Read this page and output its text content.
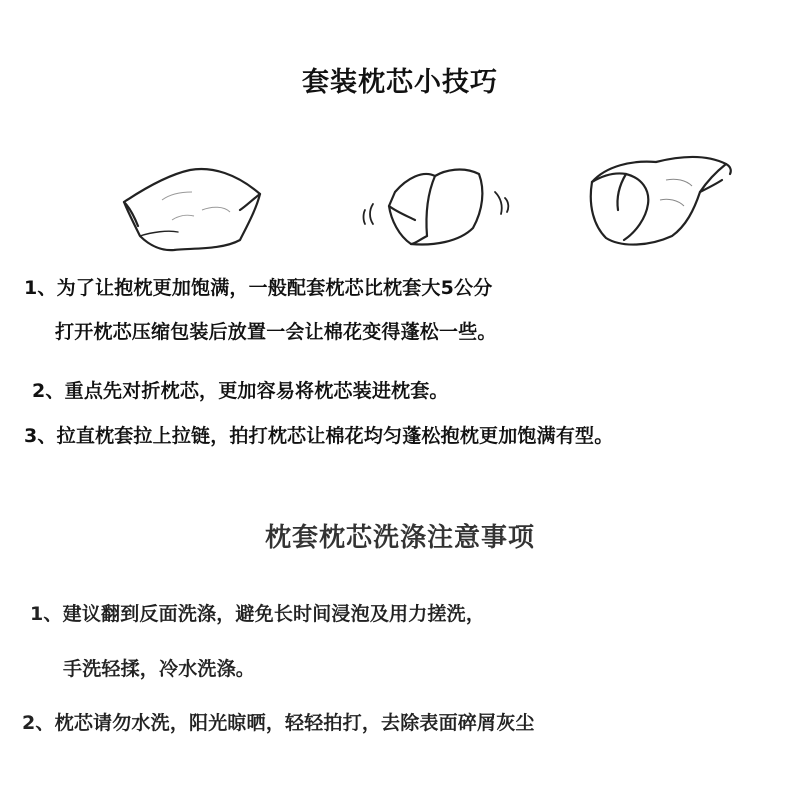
套装枕芯小技巧
1、为了让抱枕更加饱满，一般配套枕芯比枕套大5公分
打开枕芯压缩包装后放置一会让棉花变得蓬松一些。
2、重点先对折枕芯，更加容易将枕芯装进枕套。
3、拉直枕套拉上拉链，拍打枕芯让棉花均匀蓬松抱枕更加饱满有型。
枕套枕芯洗涤注意事项
1、建议翻到反面洗涤，避免长时间浸泡及用力搓洗，
手洗轻揉，冷水洗涤。
2、枕芯请勿水洗，阳光晾晒，轻轻拍打，去除表面碎屑灰尘
